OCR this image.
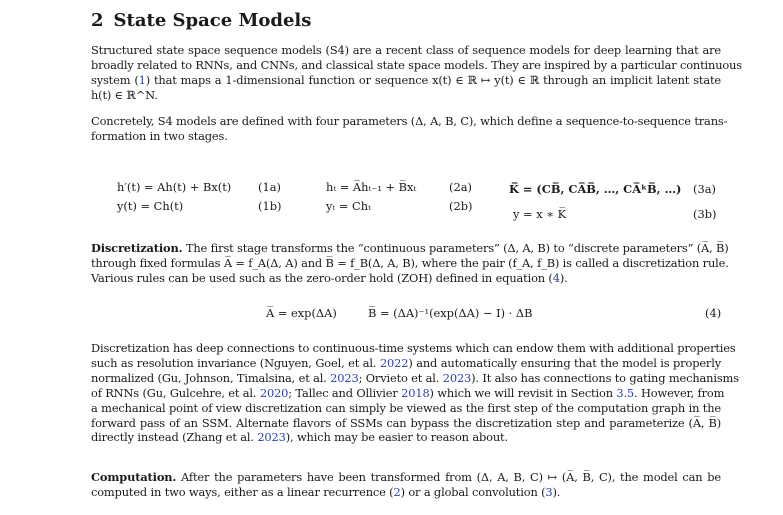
2 State Space Models
Structured state space sequence models (S4) are a recent class of sequence models for deep learning that are
broadly related to RNNs, and CNNs, and classical state space models. They are inspired by a particular continuous
system (1) that maps a 1-dimensional function or sequence x(t) ∈ ℝ ↦ y(t) ∈ ℝ through an implicit latent state
h(t) ∈ ℝ^N.
Concretely, S4 models are defined with four parameters (Δ, A, B, C), which define a sequence-to-sequence trans-
formation in two stages.
h′(t) = Ah(t) + Bx(t)
y(t) = Ch(t)
(1a)
(1b)
hₜ = A̅hₜ₋₁ + B̅xₜ
yₜ = Chₜ
(2a)
(2b)
K̅ = (CB̅, CA̅B̅, …, CA̅ᵏB̅, …)
y = x ∗ K̅
(3a)
(3b)
Discretization. The first stage transforms the “continuous parameters” (Δ, A, B) to “discrete parameters” (A̅, B̅)
through fixed formulas A̅ = f_A(Δ, A) and B̅ = f_B(Δ, A, B), where the pair (f_A, f_B) is called a discretization rule.
Various rules can be used such as the zero-order hold (ZOH) defined in equation (4).
A̅ = exp(ΔA)	B̅ = (ΔA)⁻¹(exp(ΔA) − I) · ΔB	(4)
Discretization has deep connections to continuous-time systems which can endow them with additional properties
such as resolution invariance (Nguyen, Goel, et al. 2022) and automatically ensuring that the model is properly
normalized (Gu, Johnson, Timalsina, et al. 2023; Orvieto et al. 2023). It also has connections to gating mechanisms
of RNNs (Gu, Gulcehre, et al. 2020; Tallec and Ollivier 2018) which we will revisit in Section 3.5. However, from
a mechanical point of view discretization can simply be viewed as the first step of the computation graph in the
forward pass of an SSM. Alternate flavors of SSMs can bypass the discretization step and parameterize (A̅, B̅)
directly instead (Zhang et al. 2023), which may be easier to reason about.
Computation. After the parameters have been transformed from (Δ, A, B, C) ↦ (A̅, B̅, C), the model can be
computed in two ways, either as a linear recurrence (2) or a global convolution (3).
